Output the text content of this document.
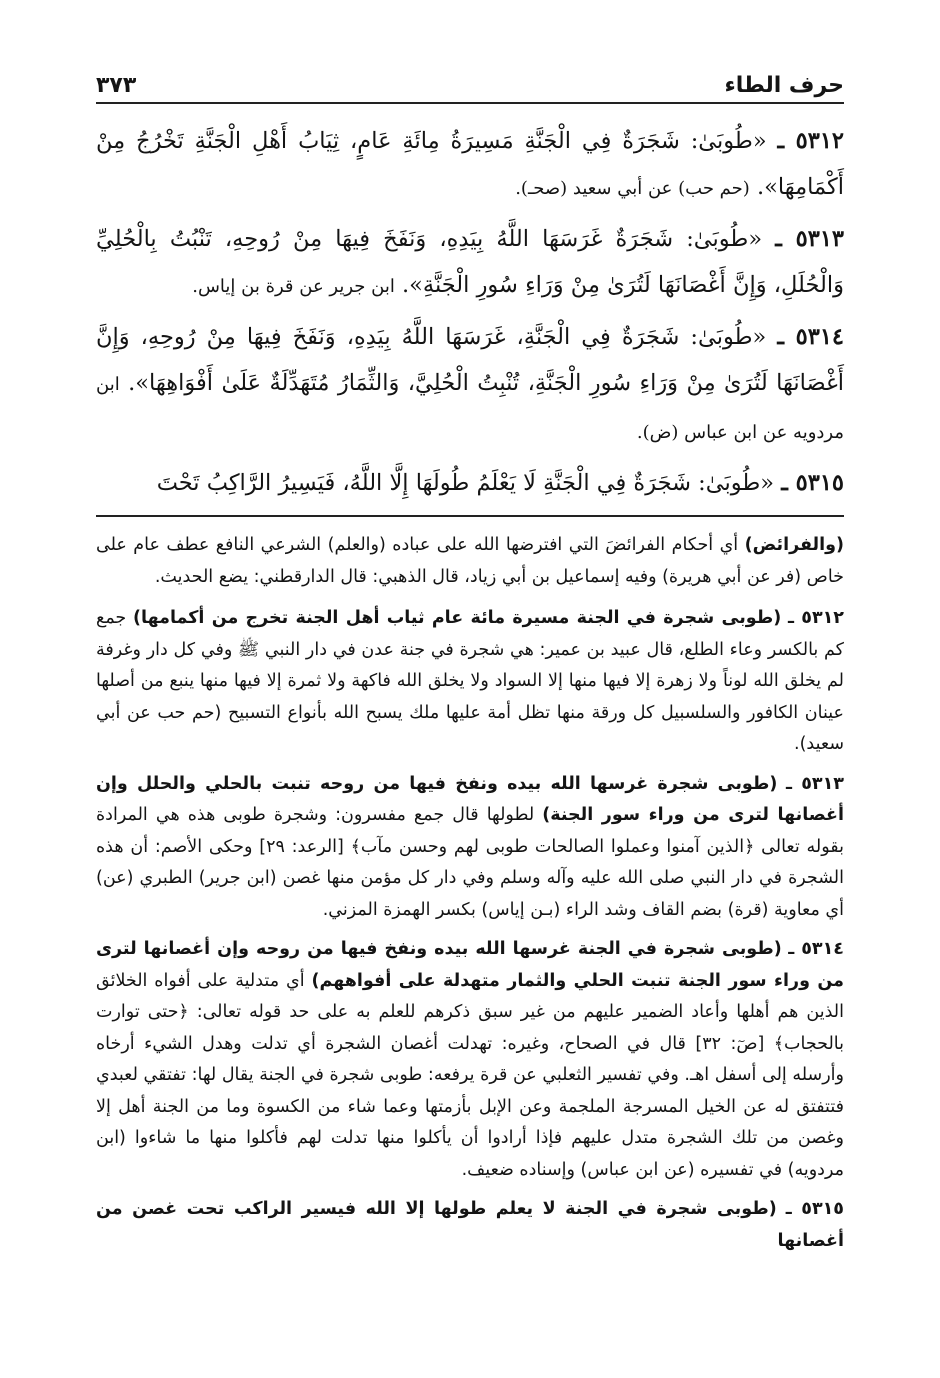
حرف الطاء
٣٧٣

٥٣١٢ ـ «طُوبَىٰ: شَجَرَةٌ فِي الْجَنَّةِ مَسِيرَةُ مِائَةِ عَامٍ، ثِيَابُ أَهْلِ الْجَنَّةِ تَخْرُجُ مِنْ أَكْمَامِهَا». (حم حب) عن أبي سعيد (صحـ).

٥٣١٣ ـ «طُوبَىٰ: شَجَرَةٌ غَرَسَهَا اللَّهُ بِيَدِهِ، وَنَفَخَ فِيهَا مِنْ رُوحِهِ، تَنْبُتُ بِالْحُلِيِّ وَالْحُلَلِ، وَإِنَّ أَغْصَانَهَا لَتُرَىٰ مِنْ وَرَاءِ سُورِ الْجَنَّةِ». ابن جرير عن قرة بن إياس.

٥٣١٤ ـ «طُوبَىٰ: شَجَرَةٌ فِي الْجَنَّةِ، غَرَسَهَا اللَّهُ بِيَدِهِ، وَنَفَخَ فِيهَا مِنْ رُوحِهِ، وَإِنَّ أَغْصَانَهَا لَتُرَىٰ مِنْ وَرَاءِ سُورِ الْجَنَّةِ، تُنْبِتُ الْحُلِيَّ، وَالثِّمَارُ مُتَهَدِّلَةٌ عَلَىٰ أَفْوَاهِهَا». ابن مردويه عن ابن عباس (ض).

٥٣١٥ ـ «طُوبَىٰ: شَجَرَةٌ فِي الْجَنَّةِ لَا يَعْلَمُ طُولَهَا إِلَّا اللَّهُ، فَيَسِيرُ الرَّاكِبُ تَحْتَ

(والفرائض) أي أحكام الفرائضَ التي افترضها الله على عباده (والعلم) الشرعي النافع عطف عام على خاص (فر عن أبي هريرة) وفيه إسماعيل بن أبي زياد، قال الذهبي: قال الدارقطني: يضع الحديث.

٥٣١٢ ـ (طوبى شجرة في الجنة مسيرة مائة عام ثياب أهل الجنة تخرج من أكمامها) جمع كم بالكسر وعاء الطلع، قال عبيد بن عمير: هي شجرة في جنة عدن في دار النبي ﷺ وفي كل دار وغرفة لم يخلق الله لوناً ولا زهرة إلا فيها منها إلا السواد ولا يخلق الله فاكهة ولا ثمرة إلا فيها منها ينبع من أصلها عينان الكافور والسلسبيل كل ورقة منها تظل أمة عليها ملك يسبح الله بأنواع التسبيح (حم حب عن أبي سعيد).

٥٣١٣ ـ (طوبى شجرة غرسها الله بيده ونفخ فيها من روحه تنبت بالحلي والحلل وإن أغصانها لترى من وراء سور الجنة) لطولها قال جمع مفسرون: وشجرة طوبى هذه هي المرادة بقوله تعالى ﴿الذين آمنوا وعملوا الصالحات طوبى لهم وحسن مآب﴾ [الرعد: ٢٩] وحكى الأصم: أن هذه الشجرة في دار النبي صلى الله عليه وآله وسلم وفي دار كل مؤمن منها غصن (ابن جرير) الطبري (عن) أي معاوية (قرة) بضم القاف وشد الراء (بـن إياس) بكسر الهمزة المزني.

٥٣١٤ ـ (طوبى شجرة في الجنة غرسها الله بيده ونفخ فيها من روحه وإن أغصانها لترى من وراء سور الجنة تنبت الحلي والثمار متهدلة على أفواههم) أي متدلية على أفواه الخلائق الذين هم أهلها وأعاد الضمير عليهم من غير سبق ذكرهم للعلم به على حد قوله تعالى: ﴿حتى توارت بالحجاب﴾ [صٓ: ٣٢] قال في الصحاح، وغيره: تهدلت أغصان الشجرة أي تدلت وهدل الشيء أرخاه وأرسله إلى أسفل اهـ. وفي تفسير الثعلبي عن قرة يرفعه: طوبى شجرة في الجنة يقال لها: تفتقي لعبدي فتتفتق له عن الخيل المسرجة الملجمة وعن الإبل بأزمتها وعما شاء من الكسوة وما من الجنة أهل إلا وغصن من تلك الشجرة متدل عليهم فإذا أرادوا أن يأكلوا منها تدلت لهم فأكلوا منها ما شاءوا (ابن مردويه) في تفسيره (عن ابن عباس) وإسناده ضعيف.

٥٣١٥ ـ (طوبى شجرة في الجنة لا يعلم طولها إلا الله فيسير الراكب تحت غصن من أغصانها
